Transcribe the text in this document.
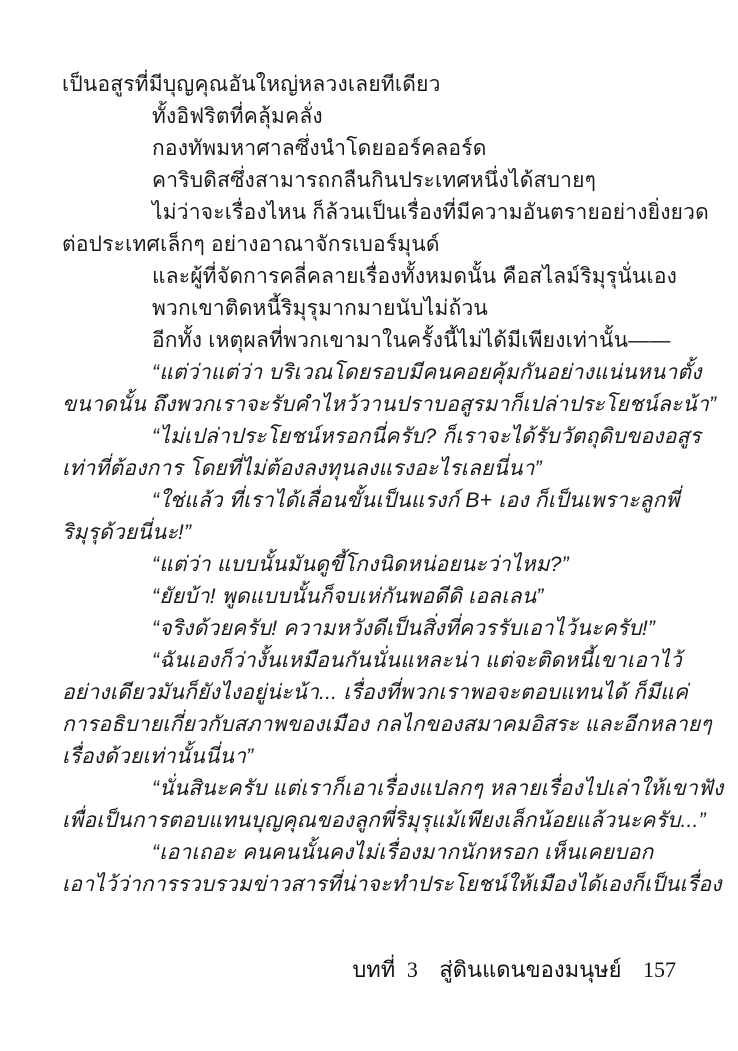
เป็นอสูรที่มีบุญคุณอันใหญ่หลวงเลยทีเดียว
ทั้งอิฟริตที่คลุ้มคลั่ง
กองทัพมหาศาลซึ่งนำโดยออร์คลอร์ด
คาริบดิสซึ่งสามารถกลืนกินประเทศหนึ่งได้สบายๆ
ไม่ว่าจะเรื่องไหน ก็ล้วนเป็นเรื่องที่มีความอันตรายอย่างยิ่งยวด
ต่อประเทศเล็กๆ อย่างอาณาจักรเบอร์มุนด์
และผู้ที่จัดการคลี่คลายเรื่องทั้งหมดนั้น คือสไลม์ริมุรุนั่นเอง
พวกเขาติดหนี้ริมุรุมากมายนับไม่ถ้วน
อีกทั้ง เหตุผลที่พวกเขามาในครั้งนี้ไม่ได้มีเพียงเท่านั้น——
“แต่ว่าแต่ว่า บริเวณโดยรอบมีคนคอยคุ้มกันอย่างแน่นหนาตั้ง
ขนาดนั้น ถึงพวกเราจะรับคำไหว้วานปราบอสูรมาก็เปล่าประโยชน์ละน้า”
“ไม่เปล่าประโยชน์หรอกนี่ครับ? ก็เราจะได้รับวัตถุดิบของอสูร
เท่าที่ต้องการ โดยที่ไม่ต้องลงทุนลงแรงอะไรเลยนี่นา”
“ใช่แล้ว ที่เราได้เลื่อนขั้นเป็นแรงก์ B+ เอง ก็เป็นเพราะลูกพี่
ริมุรุด้วยนี่นะ!”
“แต่ว่า แบบนั้นมันดูขี้โกงนิดหน่อยนะว่าไหม?”
“ยัยบ้า! พูดแบบนั้นก็จบเห่กันพอดีดิ เอลเลน”
“จริงด้วยครับ! ความหวังดีเป็นสิ่งที่ควรรับเอาไว้นะครับ!”
“ฉันเองก็ว่างั้นเหมือนกันนั่นแหละน่า แต่จะติดหนี้เขาเอาไว้
อย่างเดียวมันก็ยังไงอยู่น่ะน้า... เรื่องที่พวกเราพอจะตอบแทนได้ ก็มีแค่
การอธิบายเกี่ยวกับสภาพของเมือง กลไกของสมาคมอิสระ และอีกหลายๆ
เรื่องด้วยเท่านั้นนี่นา”
“นั่นสินะครับ แต่เราก็เอาเรื่องแปลกๆ หลายเรื่องไปเล่าให้เขาฟัง
เพื่อเป็นการตอบแทนบุญคุณของลูกพี่ริมุรุแม้เพียงเล็กน้อยแล้วนะครับ...”
“เอาเถอะ คนคนนั้นคงไม่เรื่องมากนักหรอก เห็นเคยบอก
เอาไว้ว่าการรวบรวมข่าวสารที่น่าจะทำประโยชน์ให้เมืองได้เองก็เป็นเรื่อง
บทที่ 3 สู่ดินแดนของมนุษย์ 157
